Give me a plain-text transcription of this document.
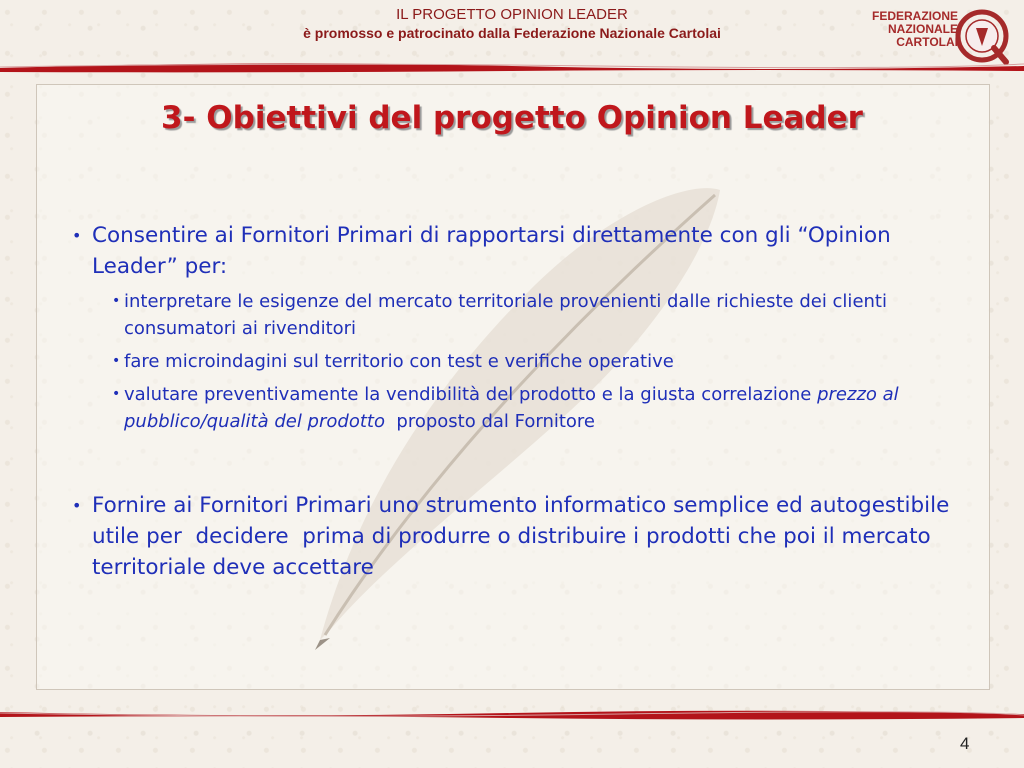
IL PROGETTO OPINION LEADER
è promosso e patrocinato dalla Federazione Nazionale Cartolai
FEDERAZIONE
NAZIONALE
CARTOLAI
3- Obiettivi del progetto Opinion Leader
• Consentire ai Fornitori Primari di rapportarsi direttamente con gli “Opinion Leader” per:
• interpretare le esigenze del mercato territoriale provenienti dalle richieste dei clienti consumatori ai rivenditori
• fare microindagini sul territorio con test e verifiche operative
• valutare preventivamente la vendibilità del prodotto e la giusta correlazione prezzo al pubblico/qualità del prodotto  proposto dal Fornitore
• Fornire ai Fornitori Primari uno strumento informatico semplice ed autogestibile utile per  decidere  prima di produrre o distribuire i prodotti che poi il mercato territoriale deve accettare
4
